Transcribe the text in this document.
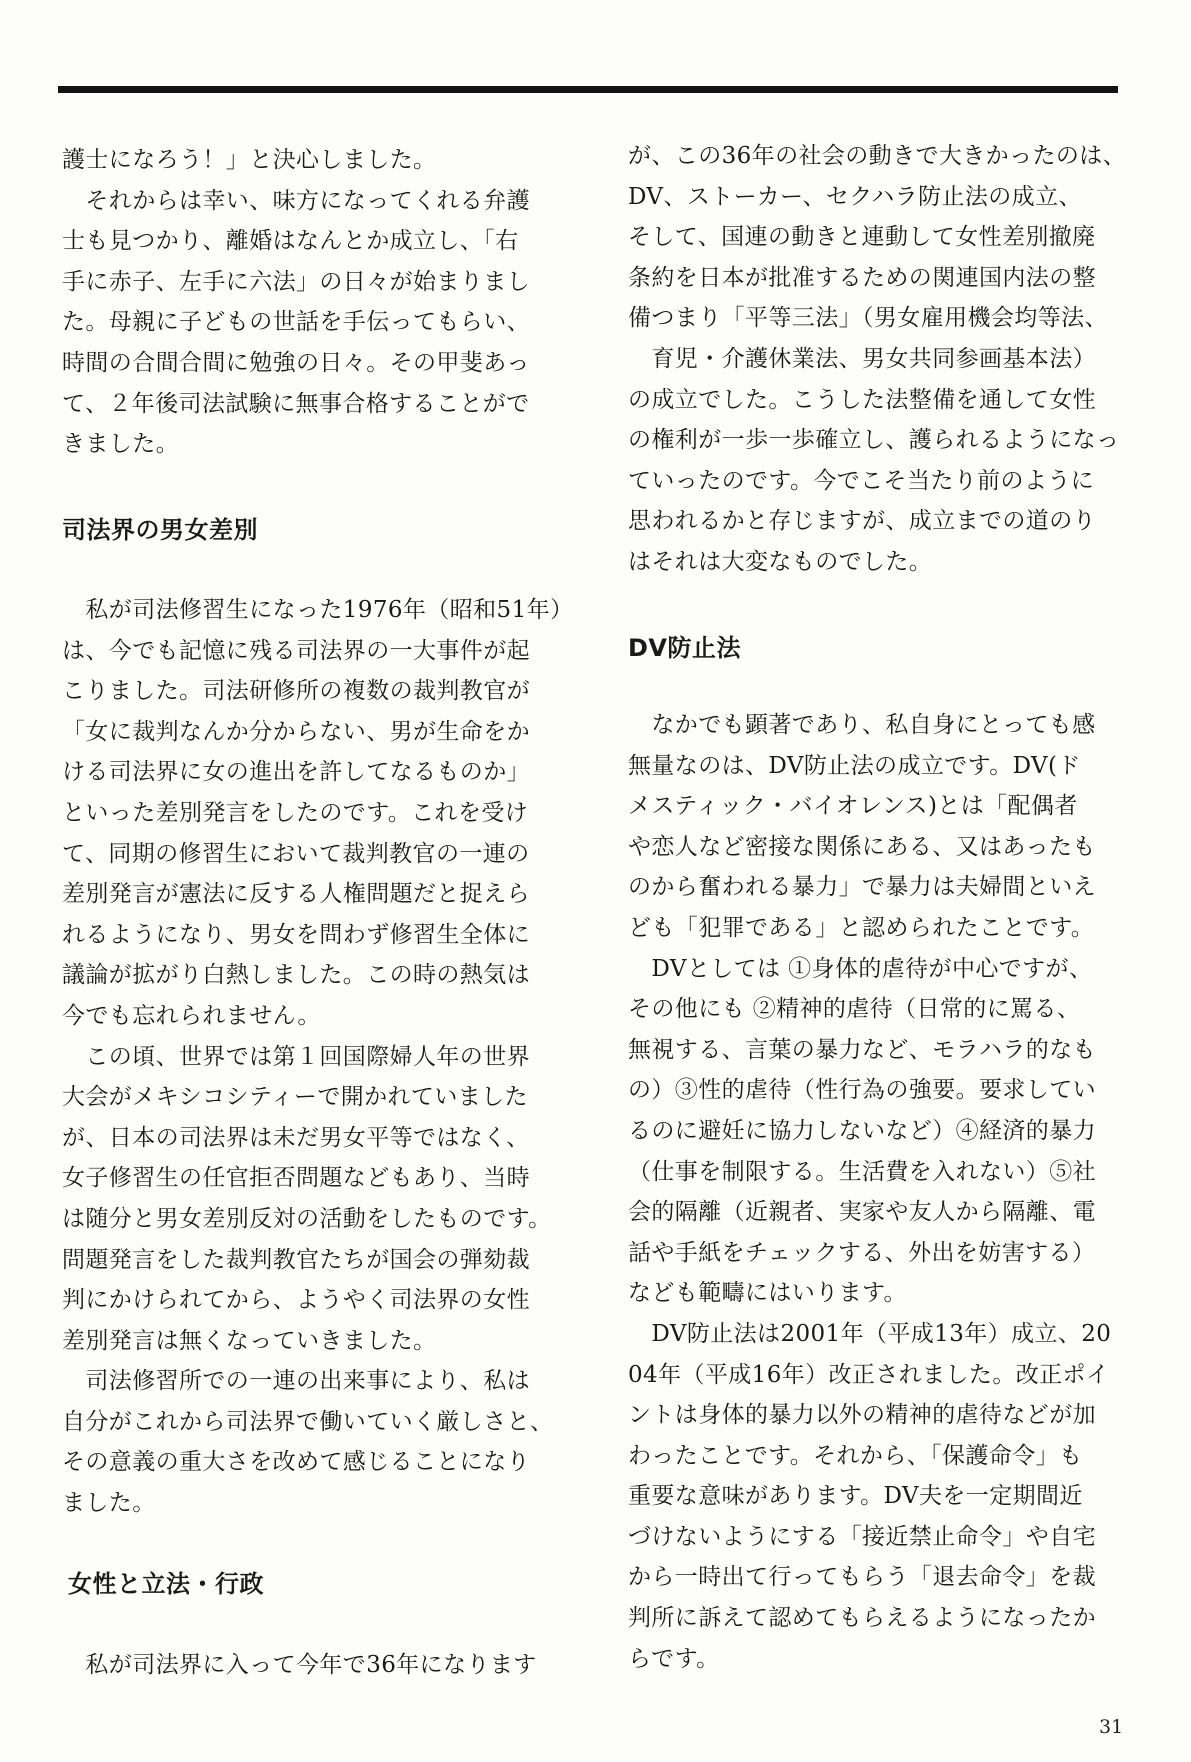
護士になろう！」と決心しました。
　それからは幸い、味方になってくれる弁護
士も見つかり、離婚はなんとか成立し、「右
手に赤子、左手に六法」の日々が始まりまし
た。母親に子どもの世話を手伝ってもらい、
時間の合間合間に勉強の日々。その甲斐あっ
て、２年後司法試験に無事合格することがで
きました。

司法界の男女差別

　私が司法修習生になった1976年（昭和51年）
は、今でも記憶に残る司法界の一大事件が起
こりました。司法研修所の複数の裁判教官が
「女に裁判なんか分からない、男が生命をか
ける司法界に女の進出を許してなるものか」
といった差別発言をしたのです。これを受け
て、同期の修習生において裁判教官の一連の
差別発言が憲法に反する人権問題だと捉えら
れるようになり、男女を問わず修習生全体に
議論が拡がり白熱しました。この時の熱気は
今でも忘れられません。
　この頃、世界では第１回国際婦人年の世界
大会がメキシコシティーで開かれていました
が、日本の司法界は未だ男女平等ではなく、
女子修習生の任官拒否問題などもあり、当時
は随分と男女差別反対の活動をしたものです。
問題発言をした裁判教官たちが国会の弾劾裁
判にかけられてから、ようやく司法界の女性
差別発言は無くなっていきました。
　司法修習所での一連の出来事により、私は
自分がこれから司法界で働いていく厳しさと、
その意義の重大さを改めて感じることになり
ました。

女性と立法・行政

　私が司法界に入って今年で36年になります

が、この36年の社会の動きで大きかったのは、
DV、ストーカー、セクハラ防止法の成立、
そして、国連の動きと連動して女性差別撤廃
条約を日本が批准するための関連国内法の整
備つまり「平等三法」（男女雇用機会均等法、
　育児・介護休業法、男女共同参画基本法）
の成立でした。こうした法整備を通して女性
の権利が一歩一歩確立し、護られるようになっ
ていったのです。今でこそ当たり前のように
思われるかと存じますが、成立までの道のり
はそれは大変なものでした。

DV防止法

　なかでも顕著であり、私自身にとっても感
無量なのは、DV防止法の成立です。DV(ド
メスティック・バイオレンス)とは「配偶者
や恋人など密接な関係にある、又はあったも
のから奮われる暴力」で暴力は夫婦間といえ
ども「犯罪である」と認められたことです。
　DVとしては ①身体的虐待が中心ですが、
その他にも ②精神的虐待（日常的に罵る、
無視する、言葉の暴力など、モラハラ的なも
の）③性的虐待（性行為の強要。要求してい
るのに避妊に協力しないなど）④経済的暴力
（仕事を制限する。生活費を入れない）⑤社
会的隔離（近親者、実家や友人から隔離、電
話や手紙をチェックする、外出を妨害する）
なども範疇にはいります。
　DV防止法は2001年（平成13年）成立、20
04年（平成16年）改正されました。改正ポイ
ントは身体的暴力以外の精神的虐待などが加
わったことです。それから、「保護命令」も
重要な意味があります。DV夫を一定期間近
づけないようにする「接近禁止命令」や自宅
から一時出て行ってもらう「退去命令」を裁
判所に訴えて認めてもらえるようになったか
らです。

31
